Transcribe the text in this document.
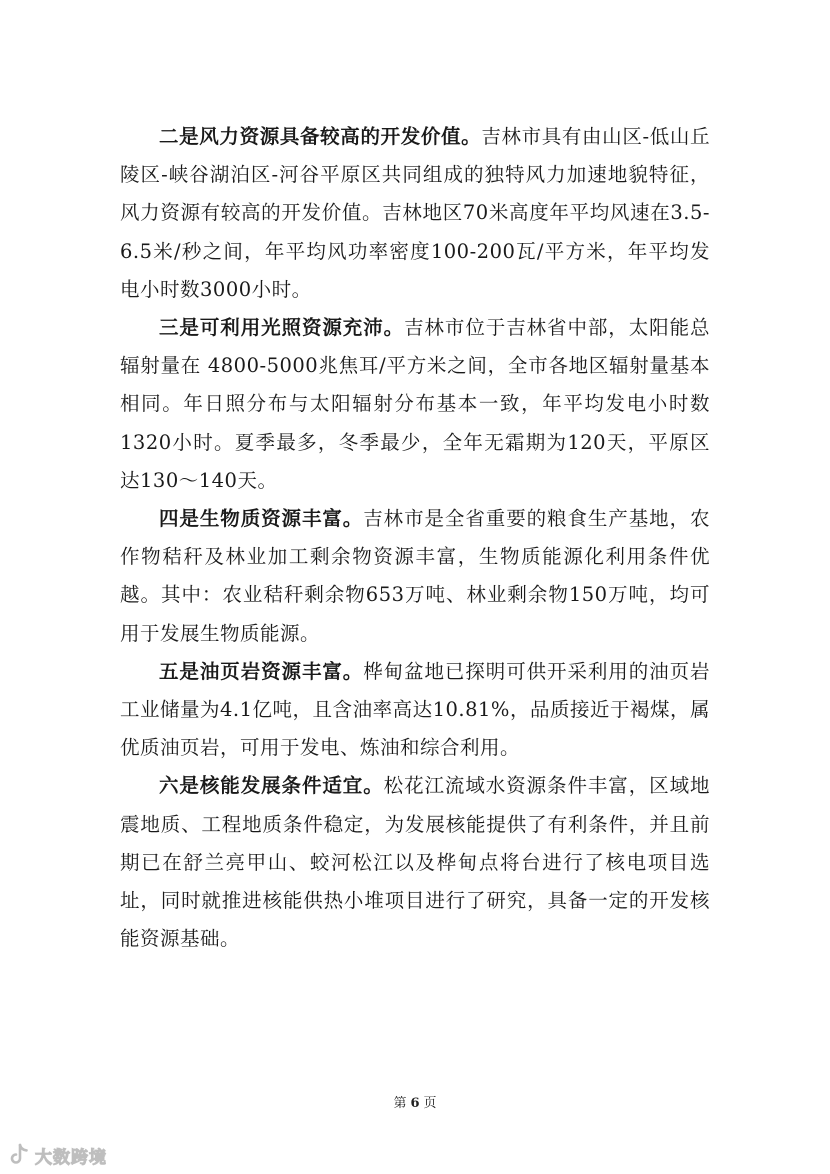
二是风力资源具备较高的开发价值。吉林市具有由山区-低山丘陵区-峡谷湖泊区-河谷平原区共同组成的独特风力加速地貌特征，风力资源有较高的开发价值。吉林地区70米高度年平均风速在3.5-6.5米/秒之间，年平均风功率密度100-200瓦/平方米，年平均发电小时数3000小时。

三是可利用光照资源充沛。吉林市位于吉林省中部，太阳能总辐射量在 4800-5000兆焦耳/平方米之间，全市各地区辐射量基本相同。年日照分布与太阳辐射分布基本一致，年平均发电小时数1320小时。夏季最多，冬季最少，全年无霜期为120天，平原区达130～140天。

四是生物质资源丰富。吉林市是全省重要的粮食生产基地，农作物秸秆及林业加工剩余物资源丰富，生物质能源化利用条件优越。其中：农业秸秆剩余物653万吨、林业剩余物150万吨，均可用于发展生物质能源。

五是油页岩资源丰富。桦甸盆地已探明可供开采利用的油页岩工业储量为4.1亿吨，且含油率高达10.81%，品质接近于褐煤，属优质油页岩，可用于发电、炼油和综合利用。

六是核能发展条件适宜。松花江流域水资源条件丰富，区域地震地质、工程地质条件稳定，为发展核能提供了有利条件，并且前期已在舒兰亮甲山、蛟河松江以及桦甸点将台进行了核电项目选址，同时就推进核能供热小堆项目进行了研究，具备一定的开发核能资源基础。

第 6 页
大数跨境
